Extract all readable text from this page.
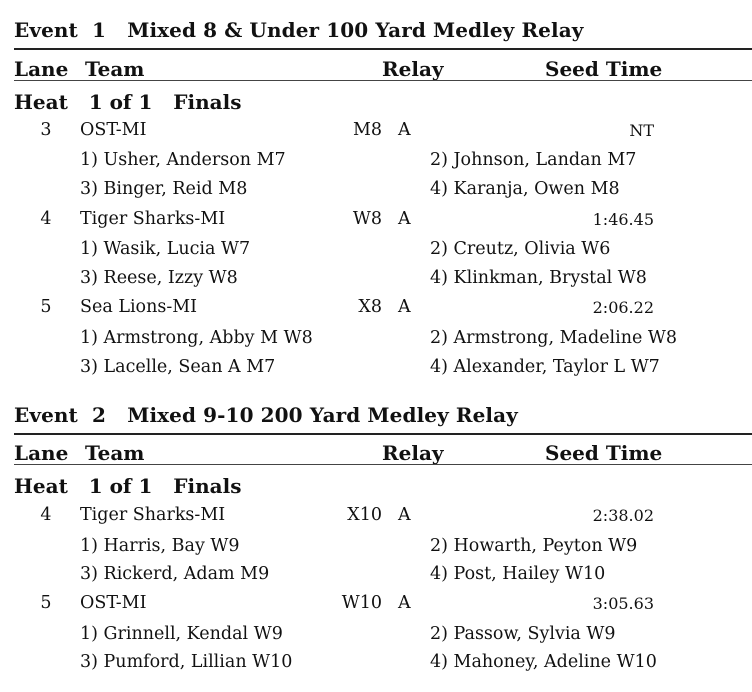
Event  1   Mixed 8 & Under 100 Yard Medley Relay
Lane Team	Relay	Seed Time
Heat   1 of 1   Finals
3 OST-MI	M8 A	NT
1) Usher, Anderson M7	2) Johnson, Landan M7
3) Binger, Reid M8	4) Karanja, Owen M8
4 Tiger Sharks-MI	W8 A	1:46.45
1) Wasik, Lucia W7	2) Creutz, Olivia W6
3) Reese, Izzy W8	4) Klinkman, Brystal W8
5 Sea Lions-MI	X8 A	2:06.22
1) Armstrong, Abby M W8	2) Armstrong, Madeline W8
3) Lacelle, Sean A M7	4) Alexander, Taylor L W7
Event  2   Mixed 9-10 200 Yard Medley Relay
Lane Team	Relay	Seed Time
Heat   1 of 1   Finals
4 Tiger Sharks-MI	X10 A	2:38.02
1) Harris, Bay W9	2) Howarth, Peyton W9
3) Rickerd, Adam M9	4) Post, Hailey W10
5 OST-MI	W10 A	3:05.63
1) Grinnell, Kendal W9	2) Passow, Sylvia W9
3) Pumford, Lillian W10	4) Mahoney, Adeline W10
